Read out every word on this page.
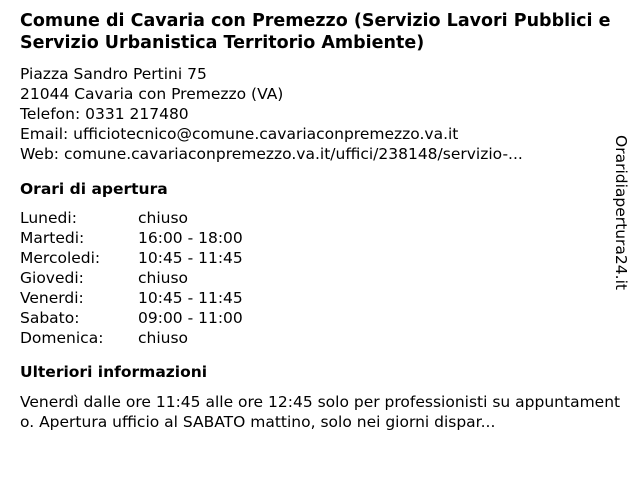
Comune di Cavaria con Premezzo (Servizio Lavori Pubblici e Servizio Urbanistica Territorio Ambiente)
Piazza Sandro Pertini 75
21044 Cavaria con Premezzo (VA)
Telefon: 0331 217480
Email: ufficiotecnico@comune.cavariaconpremezzo.va.it
Web: comune.cavariaconpremezzo.va.it/uffici/238148/servizio-...
Orari di apertura
Lunedi:	chiuso
Martedi:	16:00 - 18:00
Mercoledi:	10:45 - 11:45
Giovedi:	chiuso
Venerdi:	10:45 - 11:45
Sabato:	09:00 - 11:00
Domenica:	chiuso
Ulteriori informazioni
Venerdì dalle ore 11:45 alle ore 12:45 solo per professionisti su appuntamento. Apertura ufficio al SABATO mattino, solo nei giorni dispar...
Oraridiapertura24.it
